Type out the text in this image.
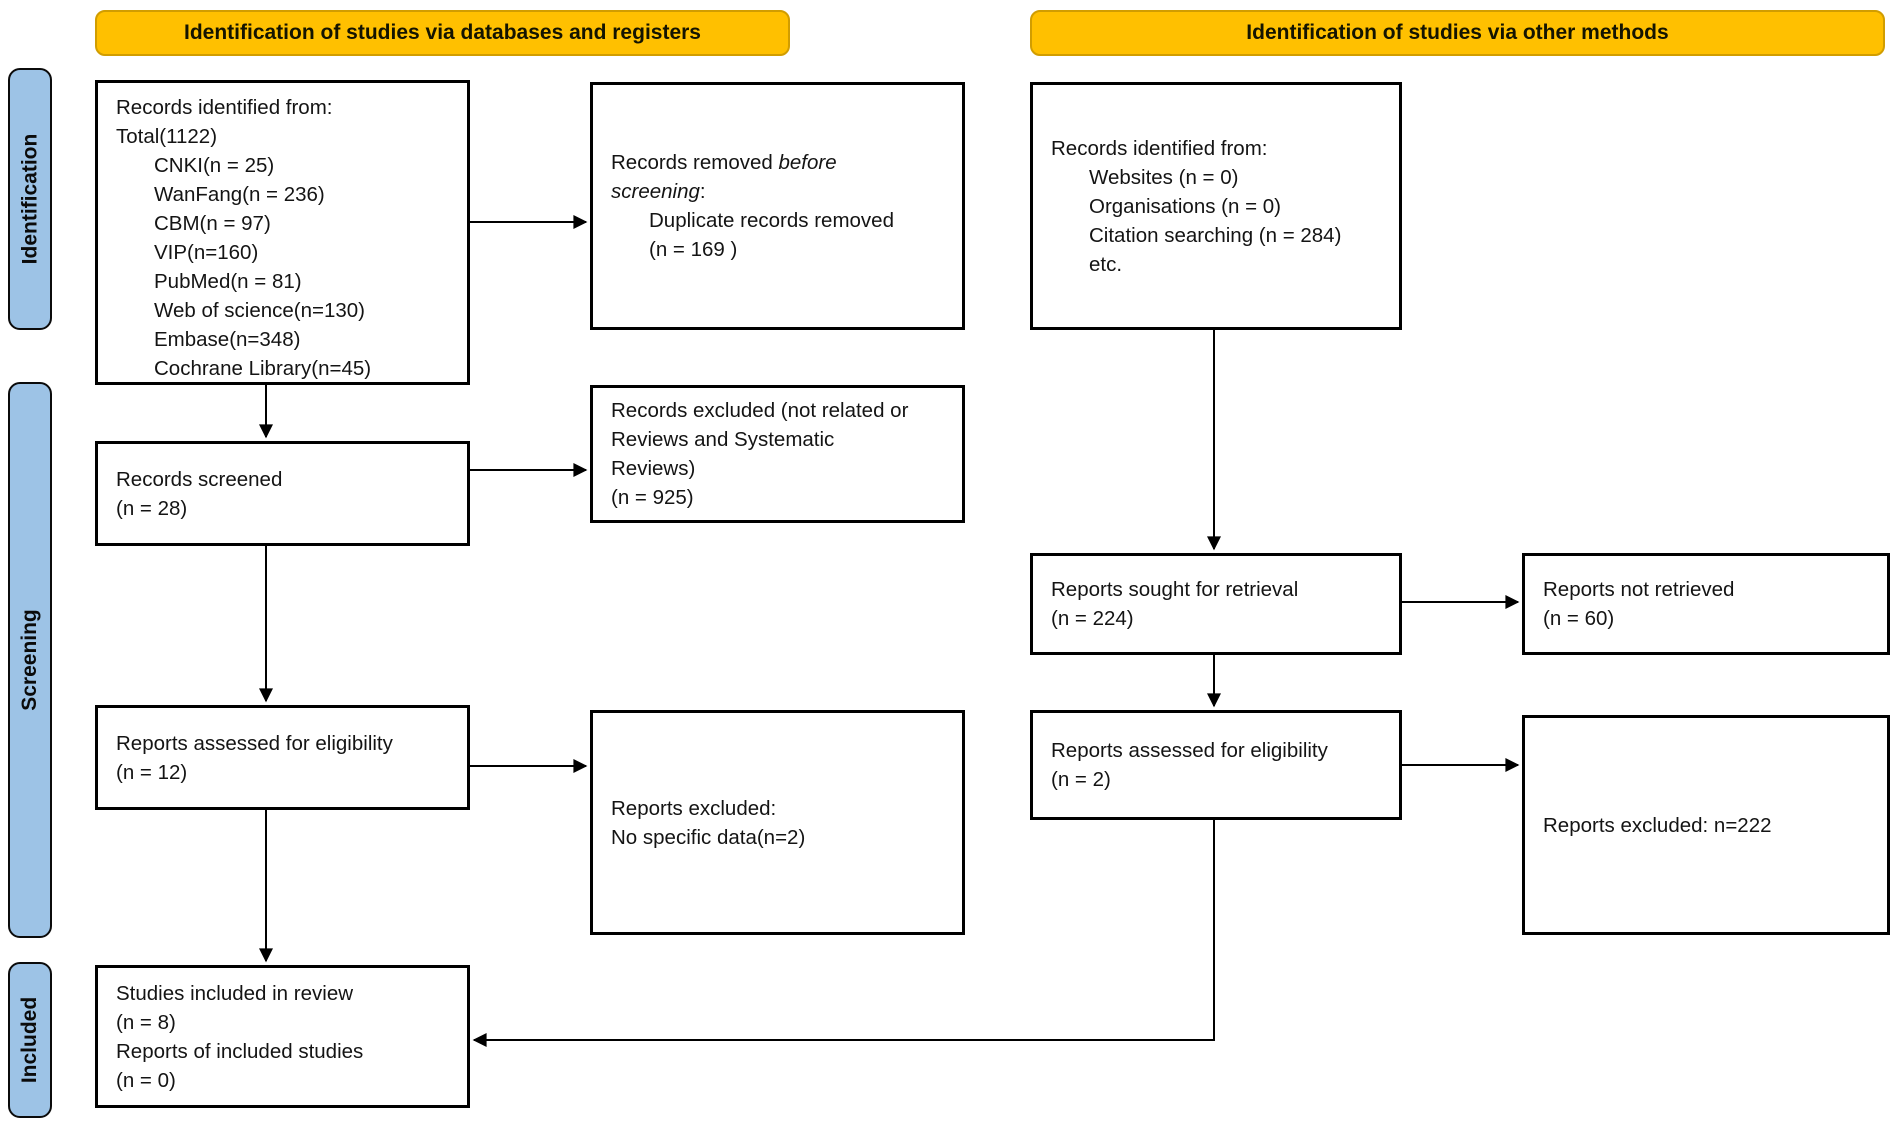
Identification of studies via databases and registers	Identification of studies via other methods
Identification
Screening
Included
Records identified from:
Total(1122)
CNKI(n = 25)
WanFang(n = 236)
CBM(n = 97)
VIP(n=160)
PubMed(n = 81)
Web of science(n=130)
Embase(n=348)
Cochrane Library(n=45)
Records screened
(n = 28)
Reports assessed for eligibility
(n = 12)
Studies included in review
(n = 8)
Reports of included studies
(n = 0)
Records removed before
screening:
Duplicate records removed
(n = 169 )
Records excluded (not related or
Reviews and Systematic
Reviews)
(n = 925)
Reports excluded:
No specific data(n=2)
Records identified from:
Websites (n = 0)
Organisations (n = 0)
Citation searching (n = 284)
etc.
Reports sought for retrieval
(n = 224)
Reports assessed for eligibility
(n = 2)
Reports not retrieved
(n = 60)
Reports excluded: n=222
